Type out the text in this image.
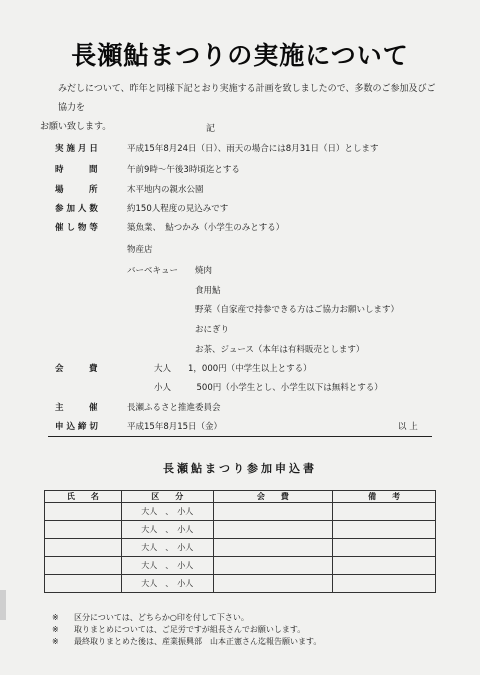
長瀬鮎まつりの実施について
みだしについて、昨年と同様下記とおり実施する計画を致しましたので、多数のご参加及びご協力を
お願い致します。	記
実 施 月 日	平成15年8月24日（日）、雨天の場合には8月31日（日）とします
時　　　間	午前9時〜午後3時頃迄とする
場　　　所	木平地内の親水公園
参 加 人 数	約150人程度の見込みです
催 し 物 等	築魚業、　鮎つかみ（小学生のみとする）
物産店
バーベキュー 焼肉
食用鮎
野菜（自家産で持参できる方はご協力お願いします）
おにぎり
お茶、ジュース（本年は有料販売とします）
会　　　費	大人　　1，000円（中学生以上とする）
小人　　　500円（小学生とし、小学生以下は無料とする）
主　　　催	長瀬ふるさと推進委員会
申 込 締 切	平成15年8月15日（金）	以 上
長瀬鮎まつり参加申込書
氏　　名	区　　分	会　　費	備　　考
	大人　、　小人		
	大人　、　小人		
	大人　、　小人		
	大人　、　小人		
	大人　、　小人		
※ 区分については、どちらか○印を付して下さい。
※ 取りまとめについては、ご足労ですが組長さんでお願いします。
※ 最終取りまとめた後は、産業振興部　山本正憲さん迄報告願います。
